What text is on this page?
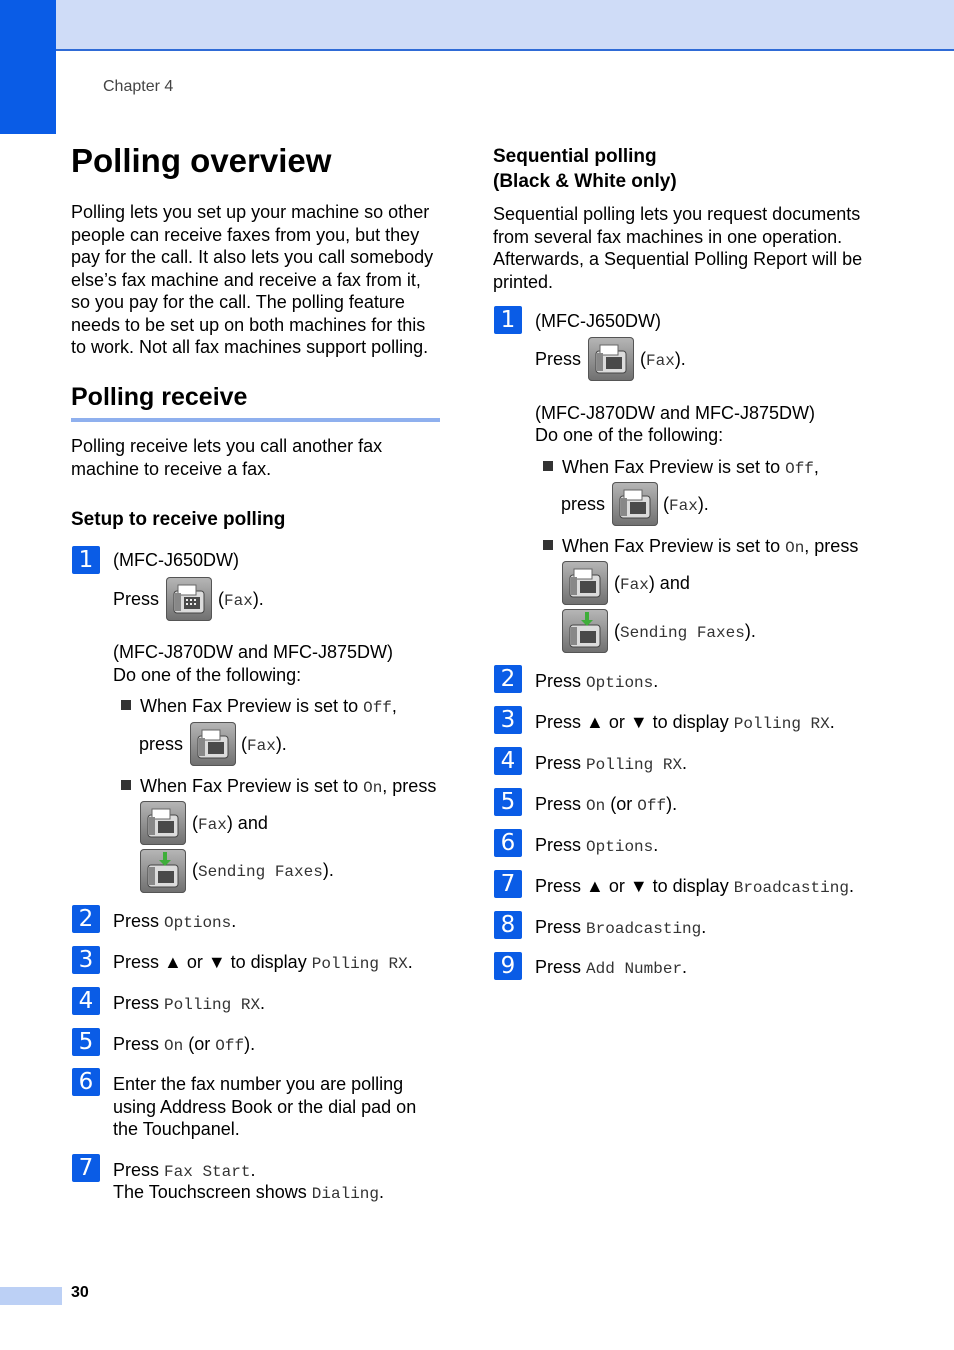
Chapter 4
Polling overview
Polling lets you set up your machine so other people can receive faxes from you, but they pay for the call. It also lets you call somebody else’s fax machine and receive a fax from it, so you pay for the call. The polling feature needs to be set up on both machines for this to work. Not all fax machines support polling.
Polling receive
Polling receive lets you call another fax machine to receive a fax.
Setup to receive polling
1	(MFC-J650DW)
Press	(Fax).
(MFC-J870DW and MFC-J875DW)
Do one of the following:
When Fax Preview is set to Off,
press	(Fax).
When Fax Preview is set to On, press
(Fax) and
(Sending Faxes).
2	Press Options.
3	Press ▲ or ▼ to display Polling RX.
4	Press Polling RX.
5	Press On (or Off).
6	Enter the fax number you are polling using Address Book or the dial pad on the Touchpanel.
7	Press Fax Start.
The Touchscreen shows Dialing.
Sequential polling
(Black & White only)
Sequential polling lets you request documents from several fax machines in one operation. Afterwards, a Sequential Polling Report will be printed.
1	(MFC-J650DW)
Press	(Fax).
(MFC-J870DW and MFC-J875DW)
Do one of the following:
When Fax Preview is set to Off,
press	(Fax).
When Fax Preview is set to On, press
(Fax) and
(Sending Faxes).
2	Press Options.
3	Press ▲ or ▼ to display Polling RX.
4	Press Polling RX.
5	Press On (or Off).
6	Press Options.
7	Press ▲ or ▼ to display Broadcasting.
8	Press Broadcasting.
9	Press Add Number.
30
